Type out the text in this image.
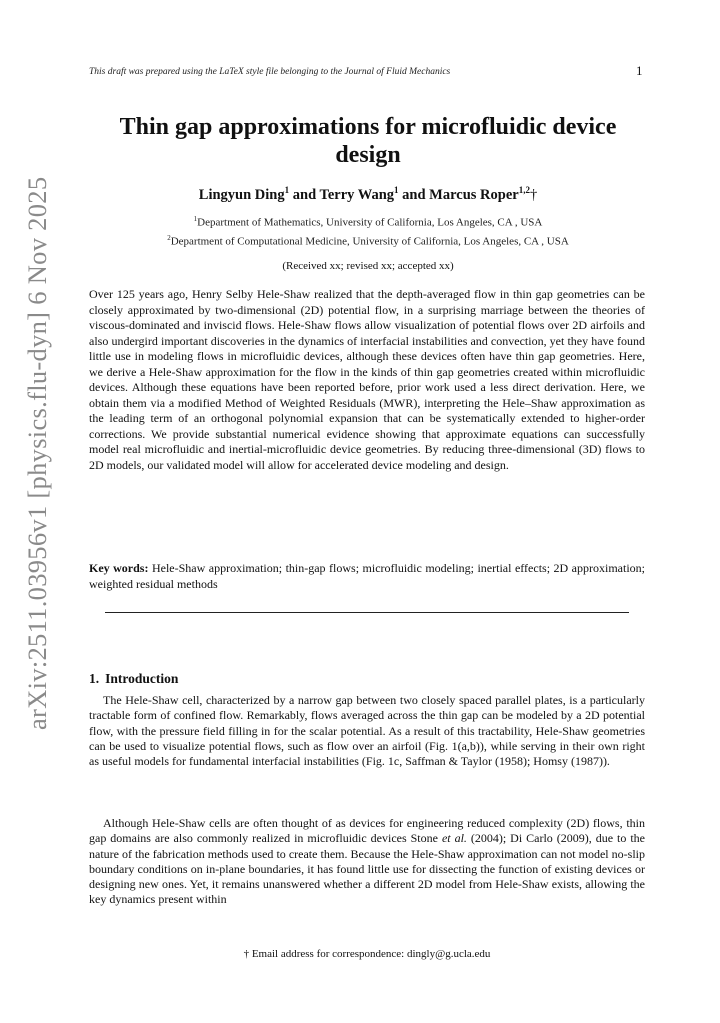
This draft was prepared using the LaTeX style file belonging to the Journal of Fluid Mechanics	1
arXiv:2511.03956v1 [physics.flu-dyn] 6 Nov 2025
Thin gap approximations for microfluidic device design
Lingyun Ding$^1$ and Terry Wang$^1$ and Marcus Roper$^{1,2}$†
$^1$Department of Mathematics, University of California, Los Angeles, CA , USA
$^2$Department of Computational Medicine, University of California, Los Angeles, CA , USA
(Received xx; revised xx; accepted xx)

Over 125 years ago, Henry Selby Hele-Shaw realized that the depth-averaged flow in thin gap geometries can be closely approximated by two-dimensional (2D) potential flow, in a surprising marriage between the theories of viscous-dominated and inviscid flows. Hele-Shaw flows allow visualization of potential flows over 2D airfoils and also undergird important discoveries in the dynamics of interfacial instabilities and convection, yet they have found little use in modeling flows in microfluidic devices, although these devices often have thin gap geometries. Here, we derive a Hele-Shaw approximation for the flow in the kinds of thin gap geometries created within microfluidic devices. Although these equations have been reported before, prior work used a less direct derivation. Here, we obtain them via a modified Method of Weighted Residuals (MWR), interpreting the Hele–Shaw approximation as the leading term of an orthogonal polynomial expansion that can be systematically extended to higher-order corrections. We provide substantial numerical evidence showing that approximate equations can successfully model real microfluidic and inertial-microfluidic device geometries. By reducing three-dimensional (3D) flows to 2D models, our validated model will allow for accelerated device modeling and design.

Key words: Hele-Shaw approximation; thin-gap flows; microfluidic modeling; inertial effects; 2D approximation; weighted residual methods

1. Introduction

The Hele-Shaw cell, characterized by a narrow gap between two closely spaced parallel plates, is a particularly tractable form of confined flow. Remarkably, flows averaged across the thin gap can be modeled by a 2D potential flow, with the pressure field filling in for the scalar potential. As a result of this tractability, Hele-Shaw geometries can be used to visualize potential flows, such as flow over an airfoil (Fig. 1(a,b)), while serving in their own right as useful models for fundamental interfacial instabilities (Fig. 1c, Saffman & Taylor (1958); Homsy (1987)).

Although Hele-Shaw cells are often thought of as devices for engineering reduced complexity (2D) flows, thin gap domains are also commonly realized in microfluidic devices Stone et al. (2004); Di Carlo (2009), due to the nature of the fabrication methods used to create them. Because the Hele-Shaw approximation can not model no-slip boundary conditions on in-plane boundaries, it has found little use for dissecting the function of existing devices or designing new ones. Yet, it remains unanswered whether a different 2D model from Hele-Shaw exists, allowing the key dynamics present within

† Email address for correspondence: dingly@g.ucla.edu
